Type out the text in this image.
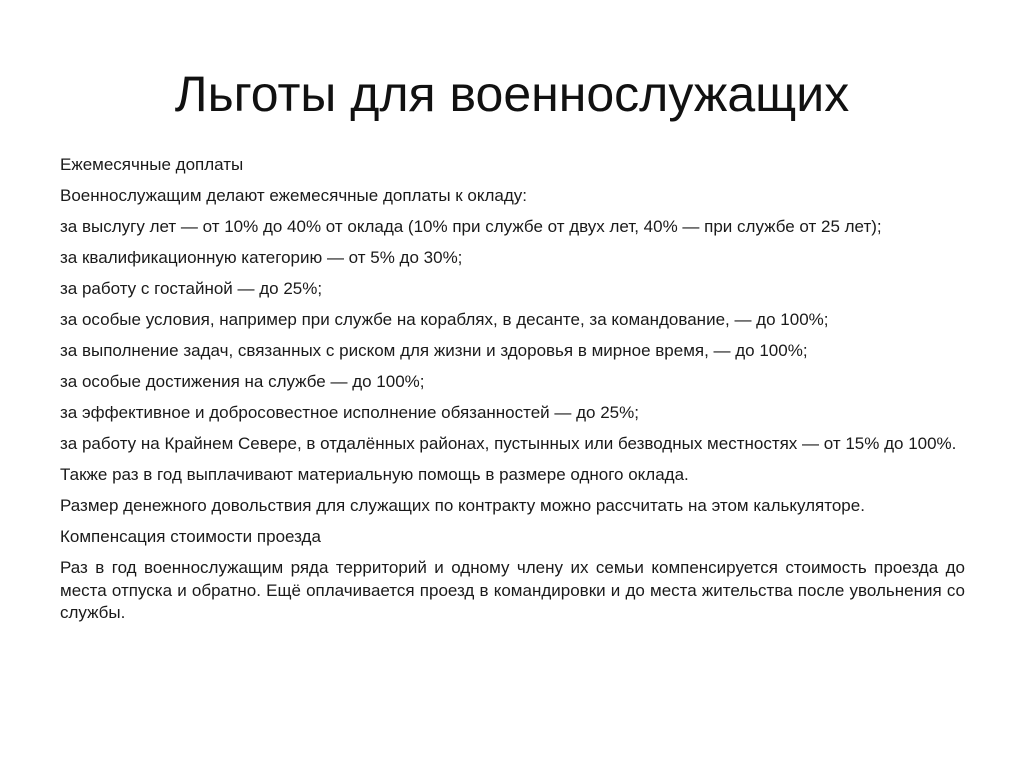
Льготы для военнослужащих

Ежемесячные доплаты

Военнослужащим делают ежемесячные доплаты к окладу:

за выслугу лет — от 10% до 40% от оклада (10% при службе от двух лет, 40% — при службе от 25 лет);

за квалификационную категорию — от 5% до 30%;

за работу с гостайной — до 25%;

за особые условия, например при службе на кораблях, в десанте, за командование, — до 100%;

за выполнение задач, связанных с риском для жизни и здоровья в мирное время, — до 100%;

за особые достижения на службе — до 100%;

за эффективное и добросовестное исполнение обязанностей — до 25%;

за работу на Крайнем Севере, в отдалённых районах, пустынных или безводных местностях — от 15% до 100%.

Также раз в год выплачивают материальную помощь в размере одного оклада.

Размер денежного довольствия для служащих по контракту можно рассчитать на этом калькуляторе.

Компенсация стоимости проезда

Раз в год военнослужащим ряда территорий и одному члену их семьи компенсируется стоимость проезда до места отпуска и обратно. Ещё оплачивается проезд в командировки и до места жительства после увольнения со службы.
